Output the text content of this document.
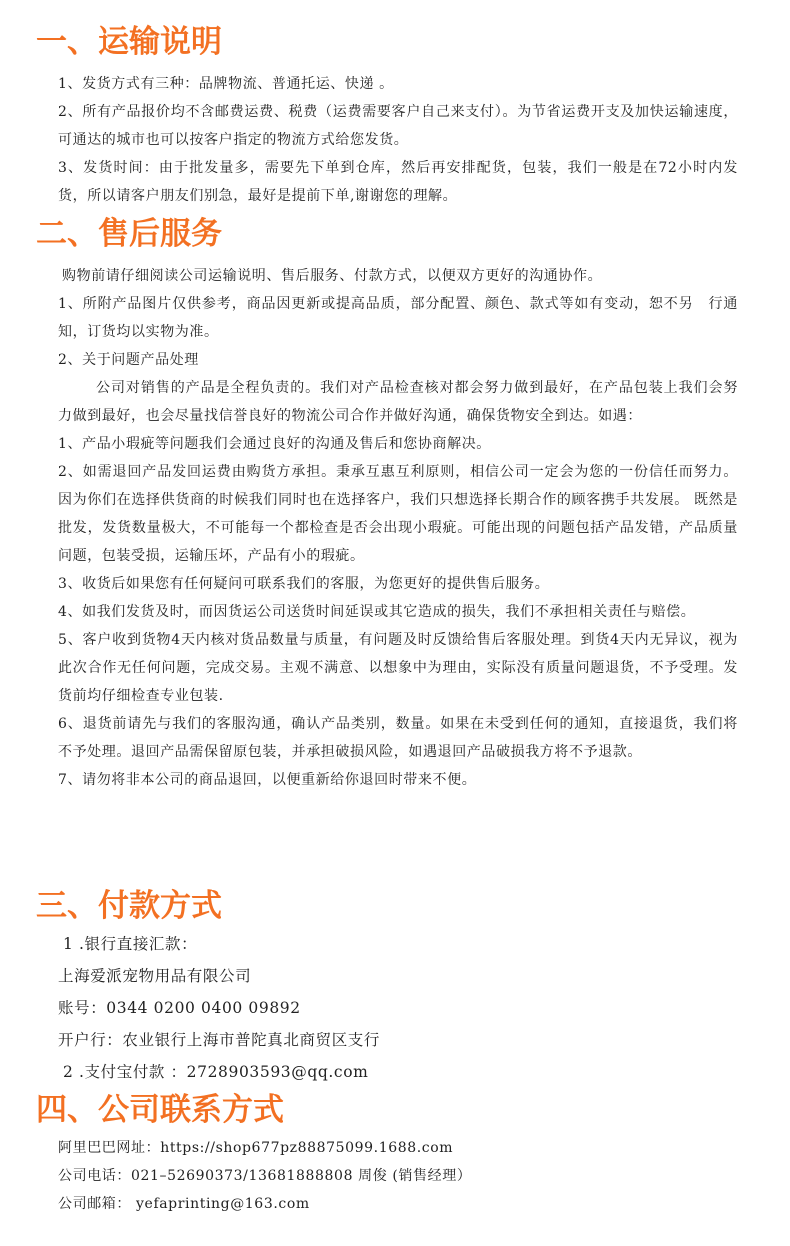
一、运输说明

1、发货方式有三种：品牌物流、普通托运、快递 。

2、所有产品报价均不含邮费运费、税费（运费需要客户自己来支付）。为节省运费开支及加快运输速度，可通达的城市也可以按客户指定的物流方式给您发货。

3、发货时间：由于批发量多，需要先下单到仓库，然后再安排配货，包装，我们一般是在72小时内发货，所以请客户朋友们别急，最好是提前下单,谢谢您的理解。

二、售后服务

购物前请仔细阅读公司运输说明、售后服务、付款方式，以便双方更好的沟通协作。

1、所附产品图片仅供参考，商品因更新或提高品质，部分配置、颜色、款式等如有变动，恕不另　行通知，订货均以实物为准。

2、关于问题产品处理

公司对销售的产品是全程负责的。我们对产品检查核对都会努力做到最好，在产品包装上我们会努力做到最好，也会尽量找信誉良好的物流公司合作并做好沟通，确保货物安全到达。如遇：

1、产品小瑕疵等问题我们会通过良好的沟通及售后和您协商解决。

2、如需退回产品发回运费由购货方承担。秉承互惠互利原则，相信公司一定会为您的一份信任而努力。因为你们在选择供货商的时候我们同时也在选择客户，我们只想选择长期合作的顾客携手共发展。 既然是批发，发货数量极大，不可能每一个都检查是否会出现小瑕疵。可能出现的问题包括产品发错，产品质量问题，包装受损，运输压坏，产品有小的瑕疵。

3、收货后如果您有任何疑问可联系我们的客服，为您更好的提供售后服务。

4、如我们发货及时，而因货运公司送货时间延误或其它造成的损失，我们不承担相关责任与赔偿。

5、客户收到货物4天内核对货品数量与质量，有问题及时反馈给售后客服处理。到货4天内无异议，视为此次合作无任何问题，完成交易。主观不满意、以想象中为理由，实际没有质量问题退货，不予受理。发货前均仔细检查专业包装.

6、退货前请先与我们的客服沟通，确认产品类别，数量。如果在未受到任何的通知，直接退货，我们将不予处理。退回产品需保留原包装，并承担破损风险，如遇退回产品破损我方将不予退款。

7、请勿将非本公司的商品退回，以便重新给你退回时带来不便。

三、付款方式

1 .银行直接汇款：

上海爱派宠物用品有限公司

账号：0344 0200 0400 09892

开户行：农业银行上海市普陀真北商贸区支行

2 .支付宝付款 ：2728903593@qq.com

四、公司联系方式

阿里巴巴网址：https://shop677pz88875099.1688.com

公司电话：021–52690373/13681888808 周俊 (销售经理）

公司邮箱： yefaprinting@163.com
